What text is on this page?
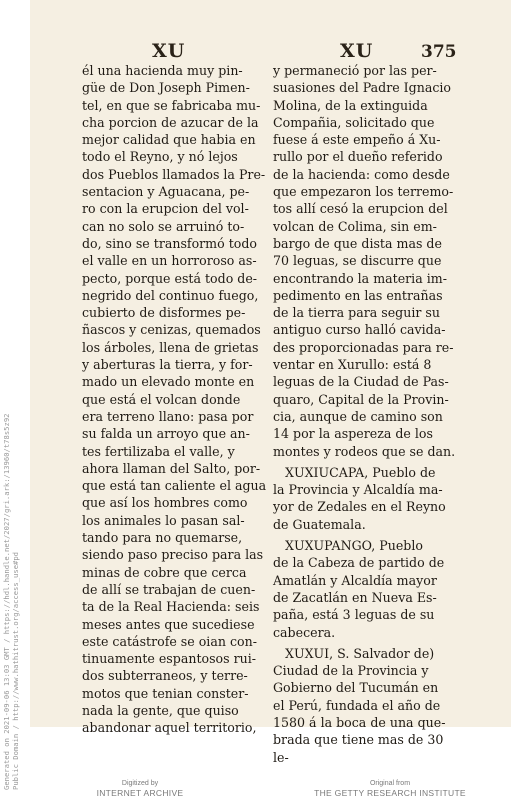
Generated on 2021-09-06 13:03 GMT / https://hdl.handle.net/2027/gri.ark:/13960/t78s5z92 Public Domain / http://www.hathitrust.org/access_use#pd
XU	XU	375
él una hacienda muy pin-
güe de Don Joseph Pimen-
tel, en que se fabricaba mu-
cha porcion de azucar de la
mejor calidad que habia en
todo el Reyno, y nó lejos
dos Pueblos llamados la Pre-
sentacion y Aguacana, pe-
ro con la erupcion del vol-
can no solo se arruinó to-
do, sino se transformó todo
el valle en un horroroso as-
pecto, porque está todo de-
negrido del continuo fuego,
cubierto de disformes pe-
ñascos y cenizas, quemados
los árboles, llena de grietas
y aberturas la tierra, y for-
mado un elevado monte en
que está el volcan donde
era terreno llano: pasa por
su falda un arroyo que an-
tes fertilizaba el valle, y
ahora llaman del Salto, por-
que está tan caliente el agua
que así los hombres como
los animales lo pasan sal-
tando para no quemarse,
siendo paso preciso para las
minas de cobre que cerca
de allí se trabajan de cuen-
ta de la Real Hacienda: seis
meses antes que sucediese
este catástrofe se oian con-
tinuamente espantosos rui-
dos subterraneos, y terre-
motos que tenian conster-
nada la gente, que quiso
abandonar aquel territorio,
y permaneció por las per-
suasiones del Padre Ignacio
Molina, de la extinguida
Compañia, solicitado que
fuese á este empeño á Xu-
rullo por el dueño referido
de la hacienda: como desde
que empezaron los terremo-
tos allí cesó la erupcion del
volcan de Colima, sin em-
bargo de que dista mas de
70 leguas, se discurre que
encontrando la materia im-
pedimento en las entrañas
de la tierra para seguir su
antiguo curso halló cavida-
des proporcionadas para re-
ventar en Xurullo: está 8
leguas de la Ciudad de Pas-
quaro, Capital de la Provin-
cia, aunque de camino son
14 por la aspereza de los
montes y rodeos que se dan.
XUXIUCAPA, Pueblo de
la Provincia y Alcaldía ma-
yor de Zedales en el Reyno
de Guatemala.
XUXUPANGO, Pueblo
de la Cabeza de partido de
Amatlán y Alcaldía mayor
de Zacatlán en Nueva Es-
paña, está 3 leguas de su
cabecera.
XUXUI, S. Salvador de)
Ciudad de la Provincia y
Gobierno del Tucumán en
el Perú, fundada el año de
1580 á la boca de una que-
brada que tiene mas de 30
le-
Digitized by
INTERNET ARCHIVE
Original from
THE GETTY RESEARCH INSTITUTE
